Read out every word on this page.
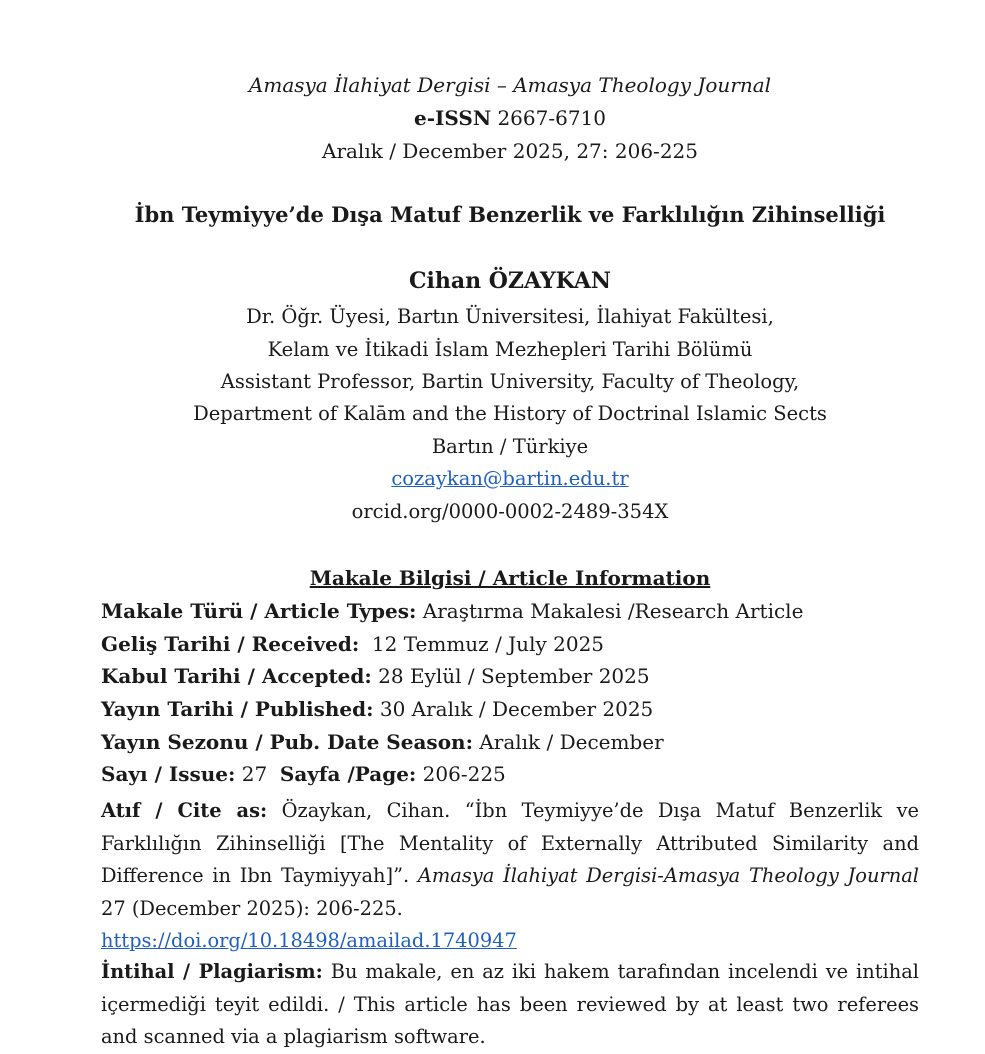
Amasya İlahiyat Dergisi – Amasya Theology Journal
e-ISSN 2667-6710
Aralık / December 2025, 27: 206-225
İbn Teymiyye’de Dışa Matuf Benzerlik ve Farklılığın Zihinselliği
Cihan ÖZAYKAN
Dr. Öğr. Üyesi, Bartın Üniversitesi, İlahiyat Fakültesi,
Kelam ve İtikadi İslam Mezhepleri Tarihi Bölümü
Assistant Professor, Bartin University, Faculty of Theology,
Department of Kalām and the History of Doctrinal Islamic Sects
Bartın / Türkiye
cozaykan@bartin.edu.tr
orcid.org/0000-0002-2489-354X
Makale Bilgisi / Article Information
Makale Türü / Article Types: Araştırma Makalesi /Research Article
Geliş Tarihi / Received:  12 Temmuz / July 2025
Kabul Tarihi / Accepted: 28 Eylül / September 2025
Yayın Tarihi / Published: 30 Aralık / December 2025
Yayın Sezonu / Pub. Date Season: Aralık / December
Sayı / Issue: 27  Sayfa /Page: 206-225
Atıf / Cite as: Özaykan, Cihan. “İbn Teymiyye’de Dışa Matuf Benzerlik ve Farklılığın Zihinselliği [The Mentality of Externally Attributed Similarity and Difference in Ibn Taymiyyah]”. Amasya İlahiyat Dergisi-Amasya Theology Journal 27 (December 2025): 206-225.
https://doi.org/10.18498/amailad.1740947
İntihal / Plagiarism: Bu makale, en az iki hakem tarafından incelendi ve intihal içermediği teyit edildi. / This article has been reviewed by at least two referees and scanned via a plagiarism software.
